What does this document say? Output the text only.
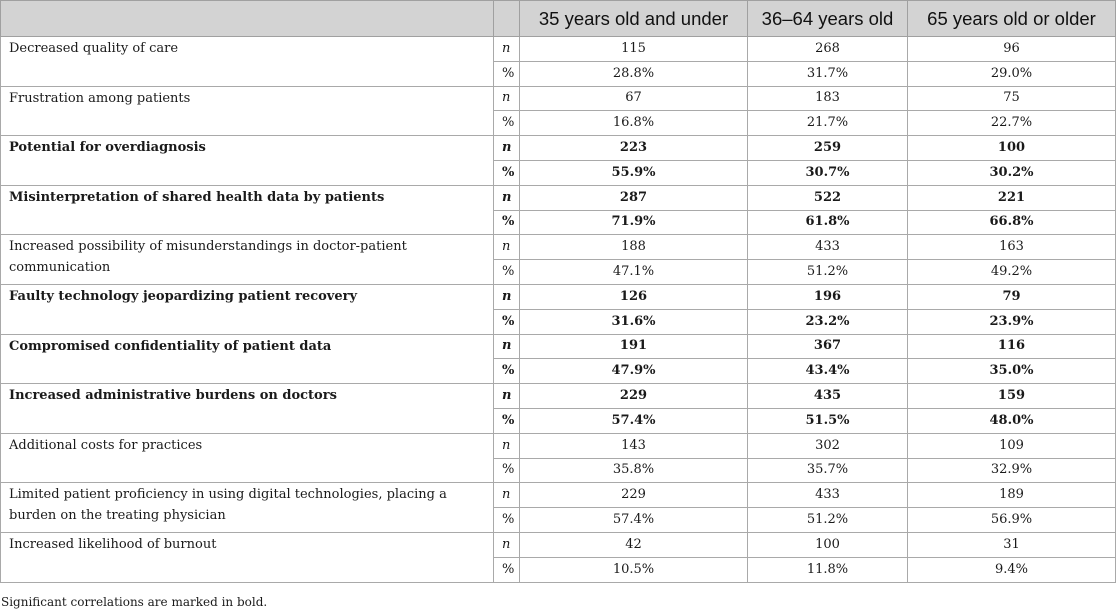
		35 years old and under	36–64 years old	65 years old or older
Decreased quality of care	n	115	268	96
	%	28.8%	31.7%	29.0%
Frustration among patients	n	67	183	75
	%	16.8%	21.7%	22.7%
Potential for overdiagnosis	n	223	259	100
	%	55.9%	30.7%	30.2%
Misinterpretation of shared health data by patients	n	287	522	221
	%	71.9%	61.8%	66.8%
Increased possibility of misunderstandings in doctor-patient communication	n	188	433	163
	%	47.1%	51.2%	49.2%
Faulty technology jeopardizing patient recovery	n	126	196	79
	%	31.6%	23.2%	23.9%
Compromised confidentiality of patient data	n	191	367	116
	%	47.9%	43.4%	35.0%
Increased administrative burdens on doctors	n	229	435	159
	%	57.4%	51.5%	48.0%
Additional costs for practices	n	143	302	109
	%	35.8%	35.7%	32.9%
Limited patient proficiency in using digital technologies, placing a burden on the treating physician	n	229	433	189
	%	57.4%	51.2%	56.9%
Increased likelihood of burnout	n	42	100	31
	%	10.5%	11.8%	9.4%
Significant correlations are marked in bold.
